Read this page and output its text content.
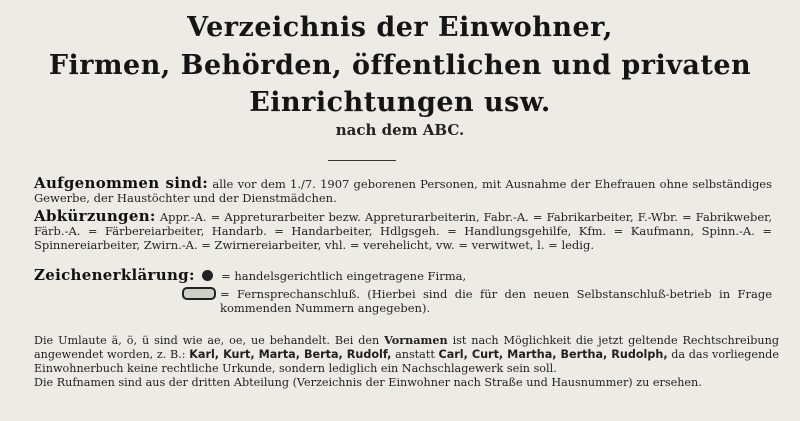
Verzeichnis der Einwohner,
Firmen, Behörden, öffentlichen und privaten
Einrichtungen usw.
nach dem ABC.

Aufgenommen sind: alle vor dem 1./7. 1907 geborenen Personen, mit Ausnahme der Ehefrauen ohne selbständiges Gewerbe, der Haustöchter und der Dienstmädchen.

Abkürzungen: Appr.-A. = Appreturarbeiter bezw. Appreturarbeiterin, Fabr.-A. = Fabrikarbeiter, F.-Wbr. = Fabrikweber, Färb.-A. = Färbereiarbeiter, Handarb. = Handarbeiter, Hdlgsgeh. = Handlungsgehilfe, Kfm. = Kaufmann, Spinn.-A. = Spinnereiarbeiter, Zwirn.-A. = Zwirnereiarbeiter, vhl. = verehelicht, vw. = verwitwet, l. = ledig.

Zeichenerklärung: = handelsgerichtlich eingetragene Firma,

= Fernsprechanschluß. (Hierbei sind die für den neuen Selbstanschluß-betrieb in Frage kommenden Nummern angegeben).

Die Umlaute ä, ö, ü sind wie ae, oe, ue behandelt. Bei den Vornamen ist nach Möglichkeit die jetzt geltende Rechtschreibung angewendet worden, z. B.: Karl, Kurt, Marta, Berta, Rudolf, anstatt Carl, Curt, Martha, Bertha, Rudolph, da das vorliegende Einwohnerbuch keine rechtliche Urkunde, sondern lediglich ein Nachschlagewerk sein soll.

Die Rufnamen sind aus der dritten Abteilung (Verzeichnis der Einwohner nach Straße und Hausnummer) zu ersehen.
